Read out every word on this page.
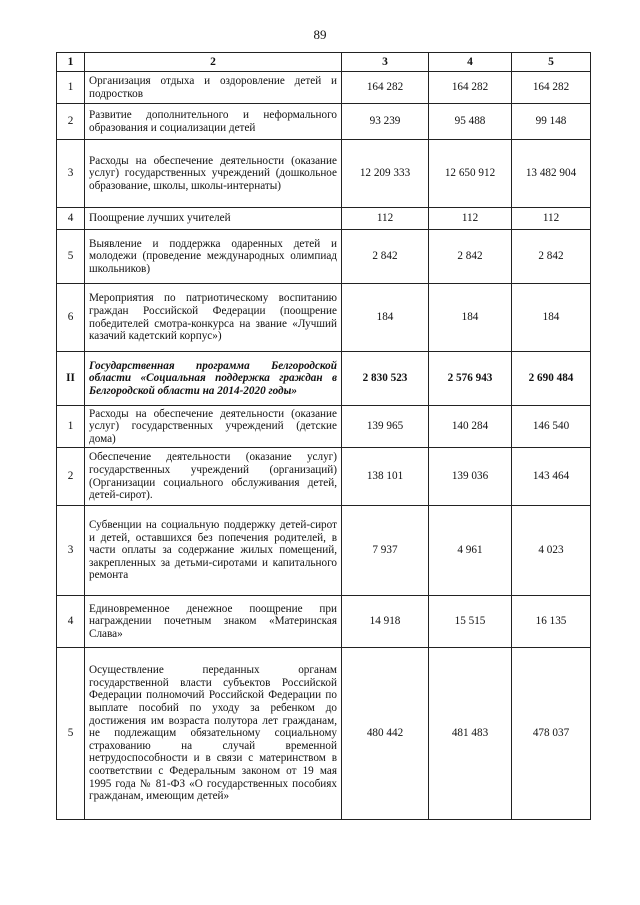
89
1	2	3	4	5
1	Организация отдыха и оздоровление детей и подростков	164 282	164 282	164 282
2	Развитие дополнительного и неформального образования и социализации детей	93 239	95 488	99 148
3	Расходы на обеспечение деятельности (оказание услуг) государственных учреждений (дошкольное образование, школы, школы-интернаты)	12 209 333	12 650 912	13 482 904
4	Поощрение лучших учителей	112	112	112
5	Выявление и поддержка одаренных детей и молодежи (проведение международных олимпиад школьников)	2 842	2 842	2 842
6	Мероприятия по патриотическому воспитанию граждан Российской Федерации (поощрение победителей смотра-конкурса на звание «Лучший казачий кадетский корпус»)	184	184	184
II	Государственная программа Белгородской области «Социальная поддержка граждан в Белгородской области на 2014-2020 годы»	2 830 523	2 576 943	2 690 484
1	Расходы на обеспечение деятельности (оказание услуг) государственных учреждений (детские дома)	139 965	140 284	146 540
2	Обеспечение деятельности (оказание услуг) государственных учреждений (организаций) (Организации социального обслуживания детей, детей-сирот).	138 101	139 036	143 464
3	Субвенции на социальную поддержку детей-сирот и детей, оставшихся без попечения родителей, в части оплаты за содержание жилых помещений, закрепленных за детьми-сиротами и капитального ремонта	7 937	4 961	4 023
4	Единовременное денежное поощрение при награждении почетным знаком «Материнская Слава»	14 918	15 515	16 135
5	Осуществление переданных органам государственной власти субъектов Российской Федерации полномочий Российской Федерации по выплате пособий по уходу за ребенком до достижения им возраста полутора лет гражданам, не подлежащим обязательному социальному страхованию на случай временной нетрудоспособности и в связи с материнством в соответствии с Федеральным законом от 19 мая 1995 года № 81-ФЗ «О государственных пособиях гражданам, имеющим детей»	480 442	481 483	478 037
